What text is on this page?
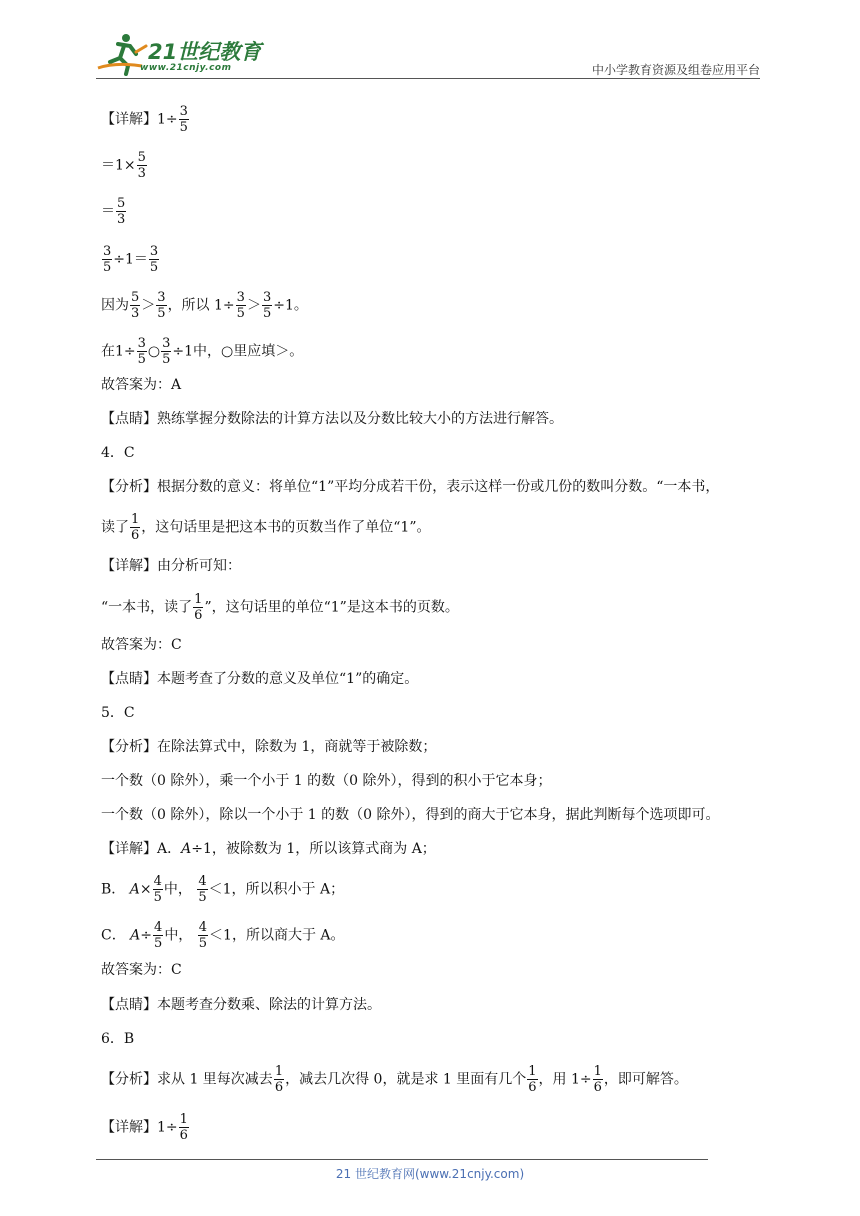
21世纪教育
www.21cnjy.com	中小学教育资源及组卷应用平台
【详解】$1\div \frac{3}{5}$
$=1\times \frac{5}{3}$
＝ $\frac{5}{3}$
$\frac{3}{5} \div 1= \frac{3}{5}$
因为 $\frac{5}{3} > \frac{3}{5}$ ，所以 $1\div \frac{3}{5} > \frac{3}{5} \div 1$。
在$1\div \frac{3}{5}$ ○ $\frac{3}{5} \div 1$中，○里应填＞。
故答案为：A
【点睛】熟练掌握分数除法的计算方法以及分数比较大小的方法进行解答。
4．C
【分析】根据分数的意义：将单位“1”平均分成若干份，表示这样一份或几份的数叫分数。“一本书，
读了 $\frac{1}{6}$ ，这句话里是把这本书的页数当作了单位“1”。
【详解】由分析可知：
“一本书，读了 $\frac{1}{6}$ ”，这句话里的单位“1”是这本书的页数。
故答案为：C
【点睛】本题考查了分数的意义及单位“1”的确定。
5．C
【分析】在除法算式中，除数为 1，商就等于被除数；
一个数（0 除外），乘一个小于 1 的数（0 除外），得到的积小于它本身；
一个数（0 除外），除以一个小于 1 的数（0 除外），得到的商大于它本身，据此判断每个选项即可。
【详解】A．A÷1，被除数为 1，所以该算式商为 A；
B． $A\times \frac{4}{5}$ 中， $\frac{4}{5} <1$，所以积小于 A；
C． $A\div \frac{4}{5}$ 中， $\frac{4}{5} <1$，所以商大于 A。
故答案为：C
【点睛】本题考查分数乘、除法的计算方法。
6．B
【分析】求从 1 里每次减去 $\frac{1}{6}$ ，减去几次得 0，就是求 1 里面有几个 $\frac{1}{6}$ ，用 $1\div \frac{1}{6}$ ，即可解答。
【详解】$1\div \frac{1}{6}$
21 世纪教育网(www.21cnjy.com)
